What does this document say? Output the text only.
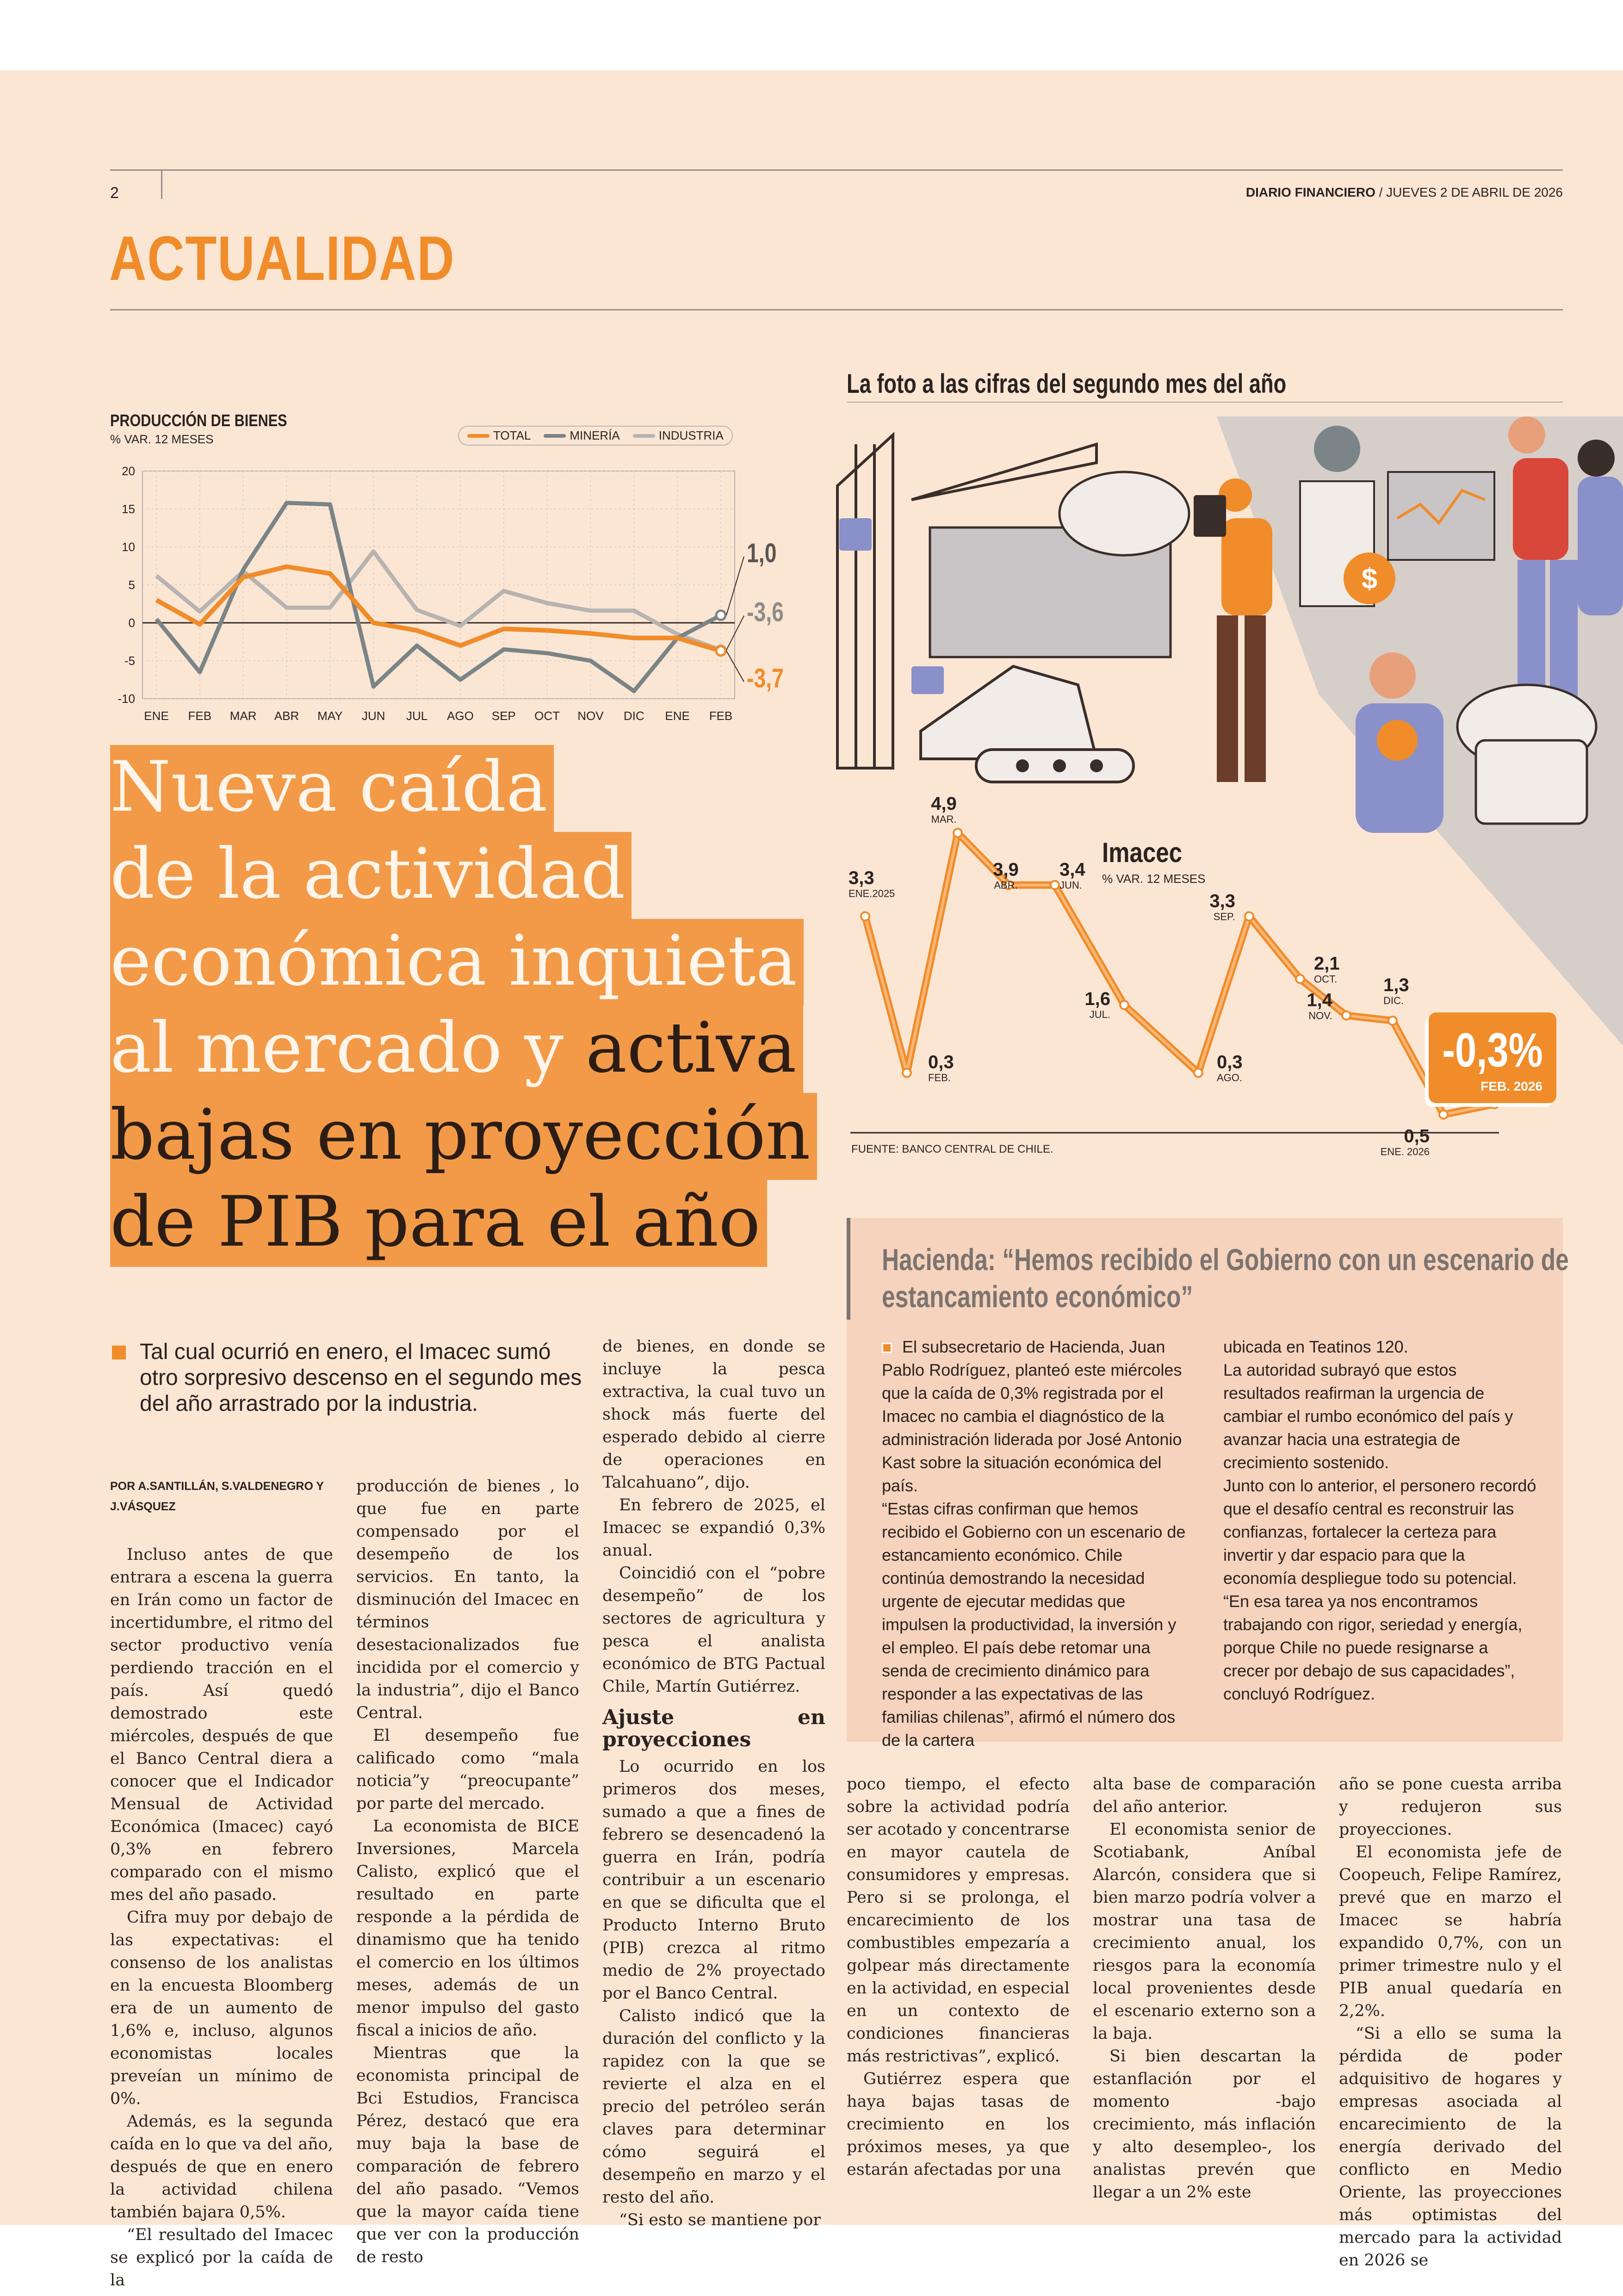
2	DIARIO FINANCIERO / JUEVES 2 DE ABRIL DE 2026
ACTUALIDAD
La foto a las cifras del segundo mes del año
PRODUCCIÓN DE BIENES
% VAR. 12 MESES	TOTAL	MINERÍA	INDUSTRIA
20
15
10
5
0
-5
-10
ENE FEB MAR ABR MAY JUN JUL AGO SEP OCT NOV DIC ENE FEB
1,0
-3,6
-3,7
$
Imacec
% VAR. 12 MESES
3,3
ENE.2025
0,3
FEB.
4,9
MAR.
3,9
ABR.
3,4
JUN.
1,6
JUL.
0,3
AGO.
3,3
SEP.
2,1
OCT.
1,4
NOV.
1,3
DIC.
0,5
ENE. 2026
-0,3%
FEB. 2026
FUENTE: BANCO CENTRAL DE CHILE.
Nueva caída
de la actividad
económica inquieta
al mercado y activa
bajas en proyección
de PIB para el año
Tal cual ocurrió en enero, el Imacec sumó otro sorpresivo descenso en el segundo mes del año arrastrado por la industria.
POR A.SANTILLÁN, S.VALDENEGRO Y J.VÁSQUEZ

Incluso antes de que entrara a escena la guerra en Irán como un factor de incertidumbre, el ritmo del sector productivo venía perdiendo tracción en el país. Así quedó demostrado este miércoles, después de que el Banco Central diera a conocer que el Indicador Mensual de Actividad Económica (Imacec) cayó 0,3% en febrero comparado con el mismo mes del año pasado.

Cifra muy por debajo de las expectativas: el consenso de los analistas en la encuesta Bloomberg era de un aumento de 1,6% e, incluso, algunos economistas locales preveían un mínimo de 0%.

Además, es la segunda caída en lo que va del año, después de que en enero la actividad chilena también bajara 0,5%.

“El resultado del Imacec se explicó por la caída de la

producción de bienes , lo que fue en parte compensado por el desempeño de los servicios. En tanto, la disminución del Imacec en términos desestacionalizados fue incidida por el comercio y la industria”, dijo el Banco Central.

El desempeño fue calificado como “mala noticia”y “preocupante” por parte del mercado.

La economista de BICE Inversiones, Marcela Calisto, explicó que el resultado en parte responde a la pérdida de dinamismo que ha tenido el comercio en los últimos meses, además de un menor impulso del gasto fiscal a inicios de año.

Mientras que la economista principal de Bci Estudios, Francisca Pérez, destacó que era muy baja la base de comparación de febrero del año pasado. “Vemos que la mayor caída tiene que ver con la producción de resto

de bienes, en donde se incluye la pesca extractiva, la cual tuvo un shock más fuerte del esperado debido al cierre de operaciones en Talcahuano”, dijo.

En febrero de 2025, el Imacec se expandió 0,3% anual.

Coincidió con el “pobre desempeño” de los sectores de agricultura y pesca el analista económico de BTG Pactual Chile, Martín Gutiérrez.

Ajuste en proyecciones

Lo ocurrido en los primeros dos meses, sumado a que a fines de febrero se desencadenó la guerra en Irán, podría contribuir a un escenario en que se dificulta que el Producto Interno Bruto (PIB) crezca al ritmo medio de 2% proyectado por el Banco Central.

Calisto indicó que la duración del conflicto y la rapidez con la que se revierte el alza en el precio del petróleo serán claves para determinar cómo seguirá el desempeño en marzo y el resto del año.

“Si esto se mantiene por

poco tiempo, el efecto sobre la actividad podría ser acotado y concentrarse en mayor cautela de consumidores y empresas. Pero si se prolonga, el encarecimiento de los combustibles empezaría a golpear más directamente en la actividad, en especial en un contexto de condiciones financieras más restrictivas”, explicó.

Gutiérrez espera que haya bajas tasas de crecimiento en los próximos meses, ya que estarán afectadas por una

alta base de comparación del año anterior.

El economista senior de Scotiabank, Aníbal Alarcón, considera que si bien marzo podría volver a mostrar una tasa de crecimiento anual, los riesgos para la economía local provenientes desde el escenario externo son a la baja.

Si bien descartan la estanflación por el momento -bajo crecimiento, más inflación y alto desempleo-, los analistas prevén que llegar a un 2% este

año se pone cuesta arriba y redujeron sus proyecciones.

El economista jefe de Coopeuch, Felipe Ramírez, prevé que en marzo el Imacec se habría expandido 0,7%, con un primer trimestre nulo y el PIB anual quedaría en 2,2%.

“Si a ello se suma la pérdida de poder adquisitivo de hogares y empresas asociada al encarecimiento de la energía derivado del conflicto en Medio Oriente, las proyecciones más optimistas del mercado para la actividad en 2026 se

Hacienda: “Hemos recibido el Gobierno con un escenario de estancamiento económico”

El subsecretario de Hacienda, Juan Pablo Rodríguez, planteó este miércoles que la caída de 0,3% registrada por el Imacec no cambia el diagnóstico de la administración liderada por José Antonio Kast sobre la situación económica del país.

“Estas cifras confirman que hemos recibido el Gobierno con un escenario de estancamiento económico. Chile continúa demostrando la necesidad urgente de ejecutar medidas que impulsen la productividad, la inversión y el empleo. El país debe retomar una senda de crecimiento dinámico para responder a las expectativas de las familias chilenas”, afirmó el número dos de la cartera

ubicada en Teatinos 120.

La autoridad subrayó que estos resultados reafirman la urgencia de cambiar el rumbo económico del país y avanzar hacia una estrategia de crecimiento sostenido.

Junto con lo anterior, el personero recordó que el desafío central es reconstruir las confianzas, fortalecer la certeza para invertir y dar espacio para que la economía despliegue todo su potencial.

“En esa tarea ya nos encontramos trabajando con rigor, seriedad y energía, porque Chile no puede resignarse a crecer por debajo de sus capacidades”, concluyó Rodríguez.
